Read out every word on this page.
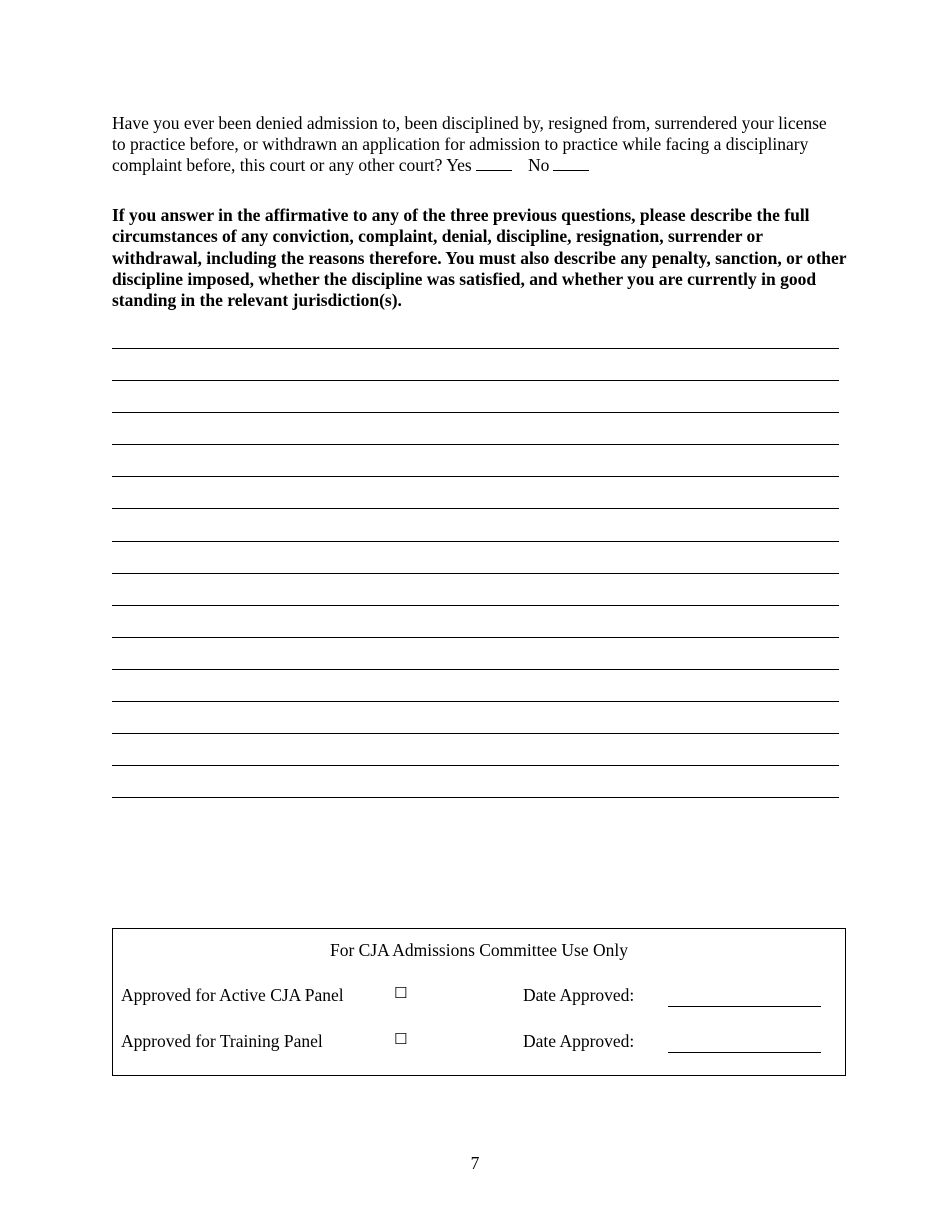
Have you ever been denied admission to, been disciplined by, resigned from, surrendered your license to practice before, or withdrawn an application for admission to practice while facing a disciplinary complaint before, this court or any other court? Yes	No
If you answer in the affirmative to any of the three previous questions, please describe the full circumstances of any conviction, complaint, denial, discipline, resignation, surrender or withdrawal, including the reasons therefore. You must also describe any penalty, sanction, or other discipline imposed, whether the discipline was satisfied, and whether you are currently in good standing in the relevant jurisdiction(s).
For CJA Admissions Committee Use Only
Approved for Active CJA Panel	☐	Date Approved:
Approved for Training Panel	☐	Date Approved:
7
